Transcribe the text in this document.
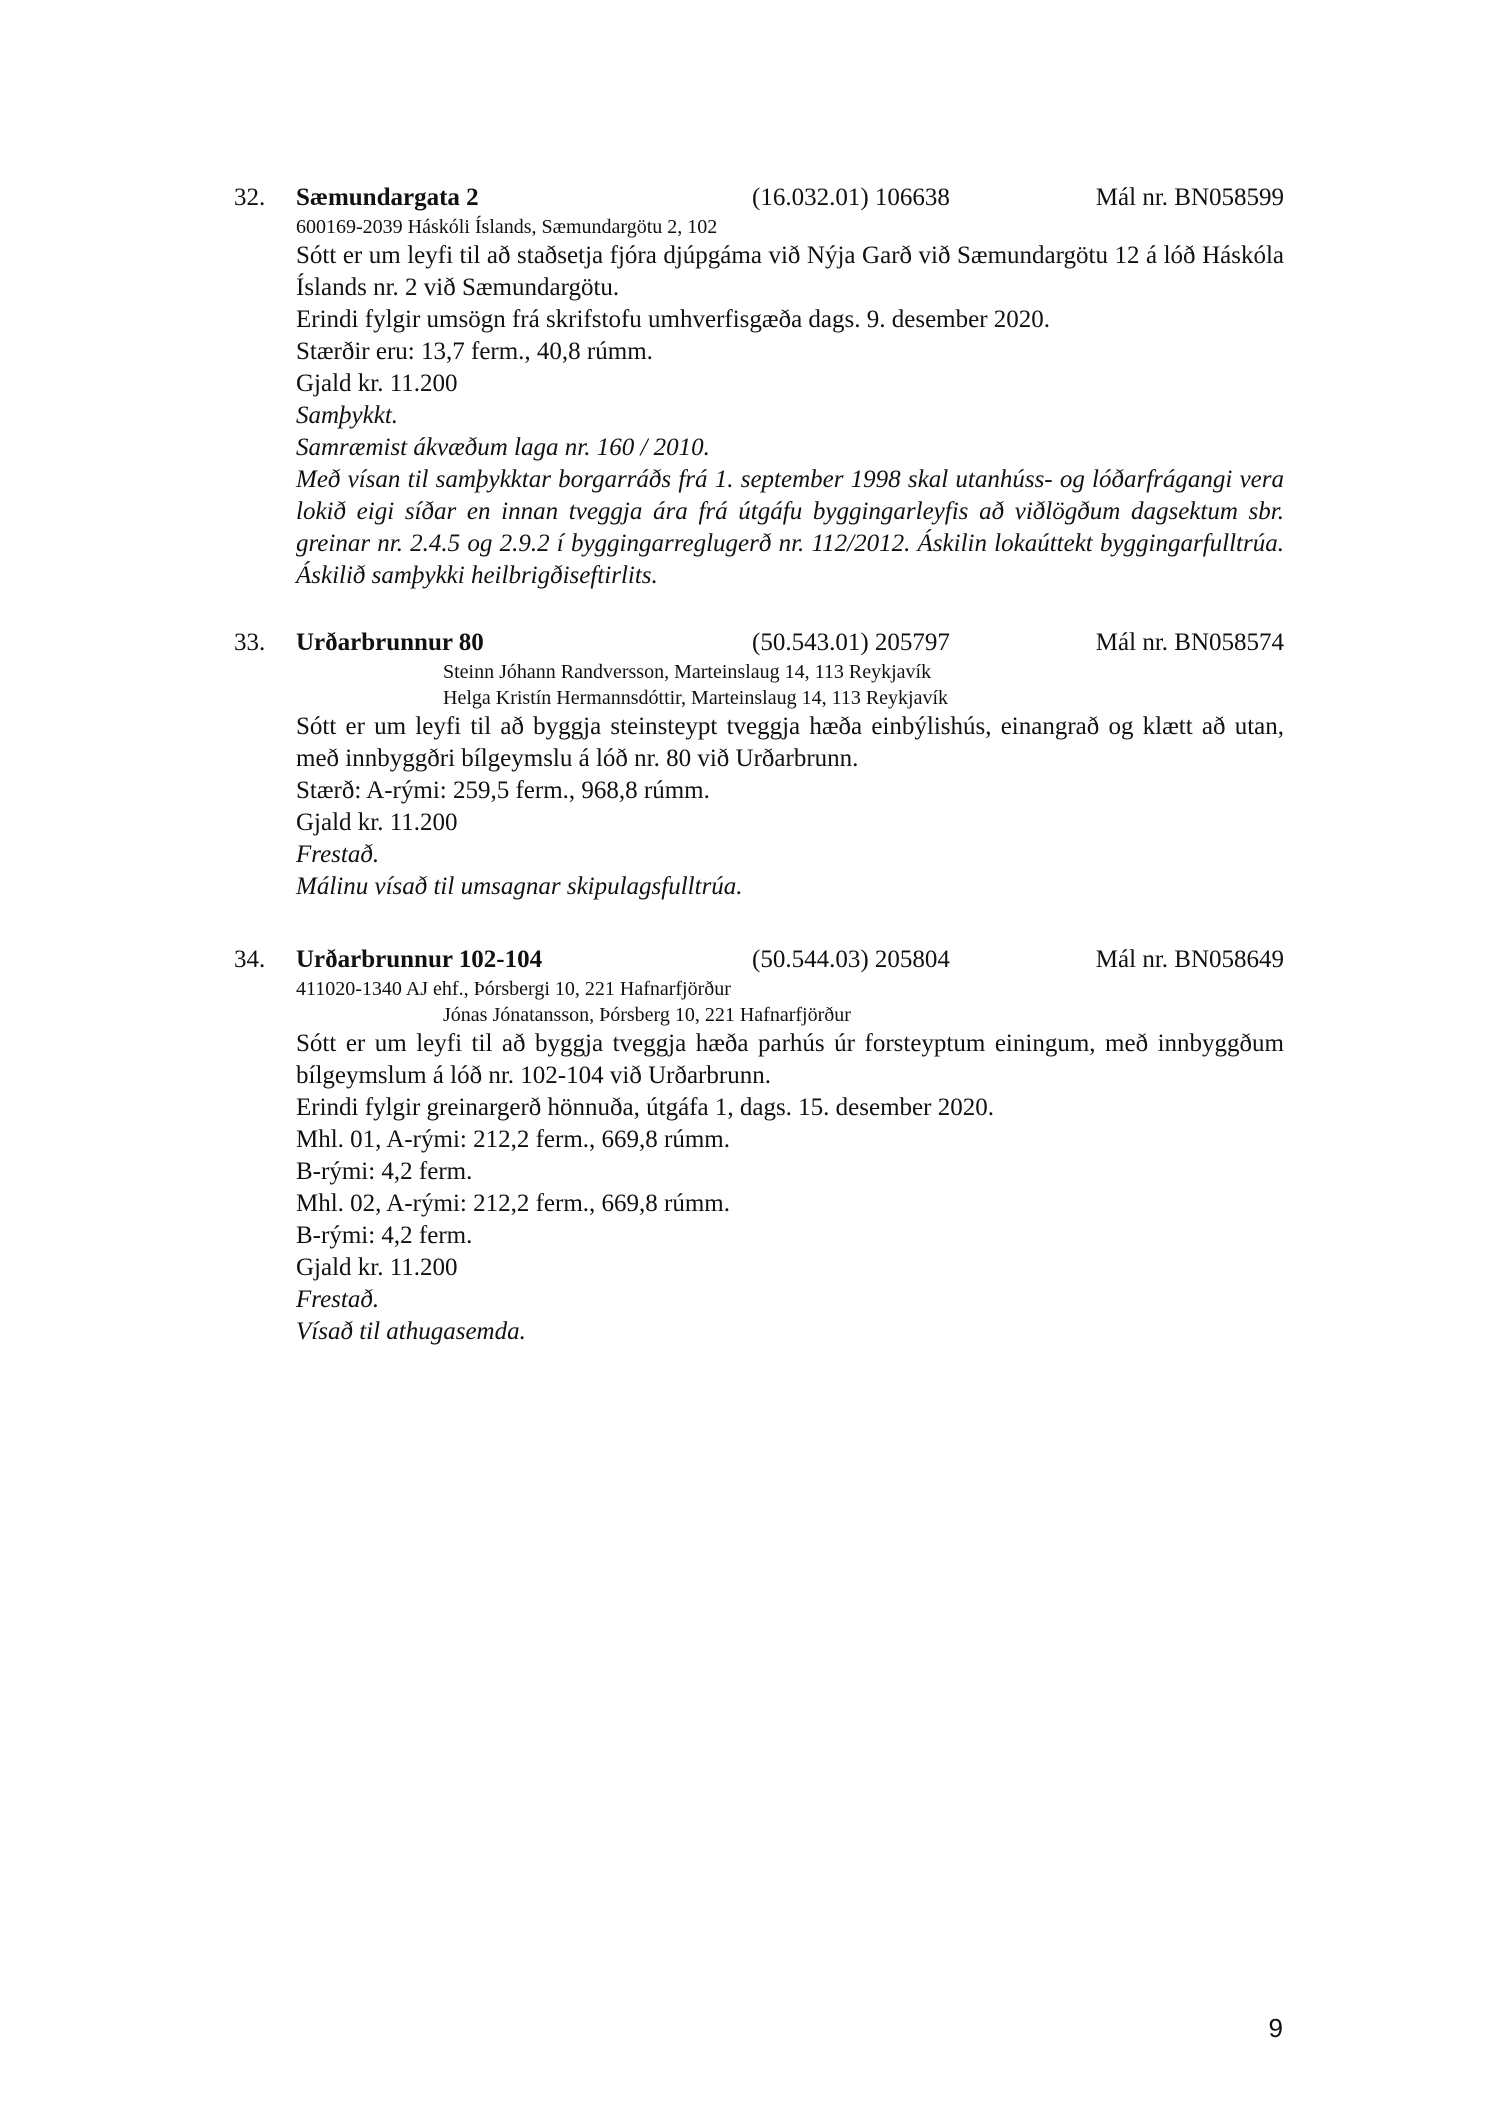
32. Sæmundargata 2	(16.032.01) 106638	Mál nr. BN058599
600169-2039 Háskóli Íslands, Sæmundargötu 2, 102

Sótt er um leyfi til að staðsetja fjóra djúpgáma við Nýja Garð við Sæmundargötu 12 á lóð Háskóla Íslands nr. 2 við Sæmundargötu.

Erindi fylgir umsögn frá skrifstofu umhverfisgæða dags. 9. desember 2020.

Stærðir eru: 13,7 ferm., 40,8 rúmm.

Gjald kr. 11.200

Samþykkt.

Samræmist ákvæðum laga nr. 160 / 2010.

Með vísan til samþykktar borgarráðs frá 1. september 1998 skal utanhúss- og lóðarfrágangi vera lokið eigi síðar en innan tveggja ára frá útgáfu byggingarleyfis að viðlögðum dagsektum sbr. greinar nr. 2.4.5 og 2.9.2 í byggingarreglugerð nr. 112/2012. Áskilin lokaúttekt byggingarfulltrúa. Áskilið samþykki heilbrigðiseftirlits.

33. Urðarbrunnur 80	(50.543.01) 205797	Mál nr. BN058574
Steinn Jóhann Randversson, Marteinslaug 14, 113 Reykjavík
Helga Kristín Hermannsdóttir, Marteinslaug 14, 113 Reykjavík

Sótt er um leyfi til að byggja steinsteypt tveggja hæða einbýlishús, einangrað og klætt að utan, með innbyggðri bílgeymslu á lóð nr. 80 við Urðarbrunn.

Stærð: A-rými: 259,5 ferm., 968,8 rúmm.

Gjald kr. 11.200

Frestað.

Málinu vísað til umsagnar skipulagsfulltrúa.

34. Urðarbrunnur 102-104	(50.544.03) 205804	Mál nr. BN058649
411020-1340 AJ ehf., Þórsbergi 10, 221 Hafnarfjörður
Jónas Jónatansson, Þórsberg 10, 221 Hafnarfjörður

Sótt er um leyfi til að byggja tveggja hæða parhús úr forsteyptum einingum, með innbyggðum bílgeymslum á lóð nr. 102-104 við Urðarbrunn.

Erindi fylgir greinargerð hönnuða, útgáfa 1, dags. 15. desember 2020.

Mhl. 01, A-rými: 212,2 ferm., 669,8 rúmm.

B-rými: 4,2 ferm.

Mhl. 02, A-rými: 212,2 ferm., 669,8 rúmm.

B-rými: 4,2 ferm.

Gjald kr. 11.200

Frestað.

Vísað til athugasemda.

9
